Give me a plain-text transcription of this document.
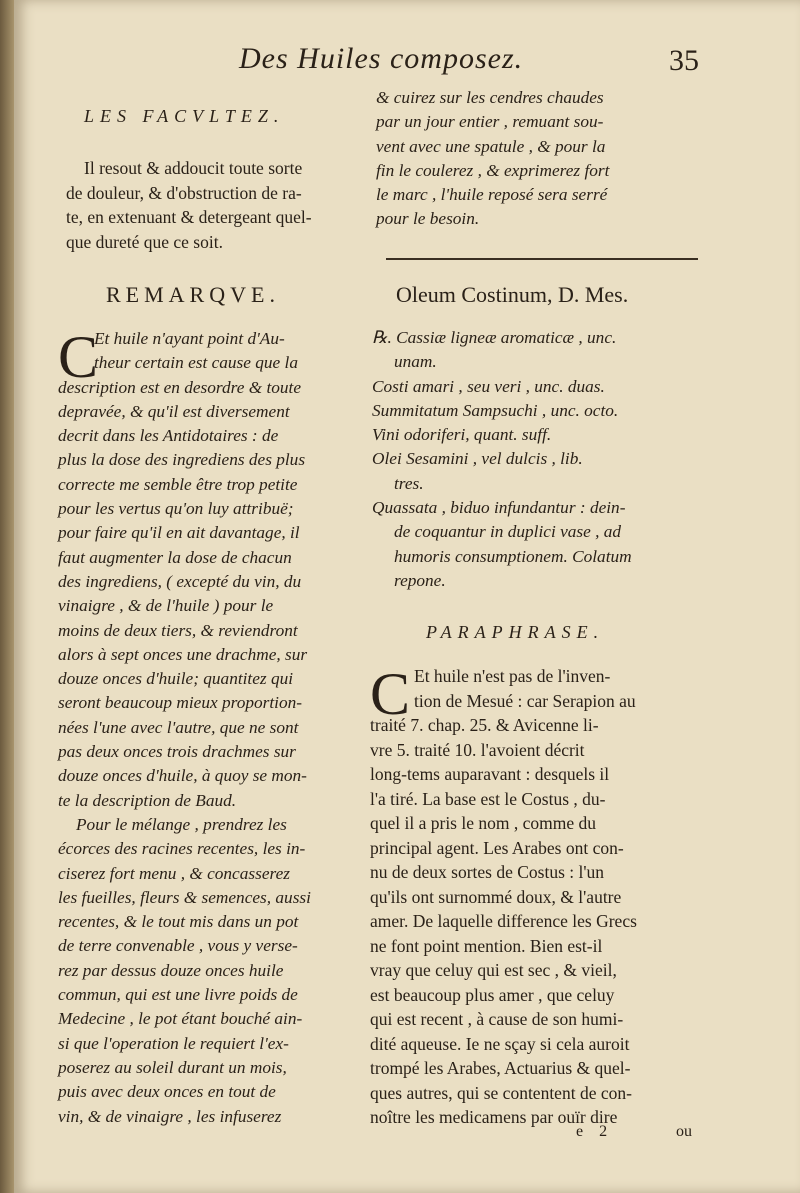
Des Huiles composez.	35
LES FACVLTEZ.
Il resout & addoucit toute sorte
de douleur, & d'obstruction de ra-
te, en extenuant & detergeant quel-
que dureté que ce soit.
REMARQVE.
C
Et huile n'ayant point d'Au-
theur certain est cause que la
description est en desordre & toute
depravée, & qu'il est diversement
decrit dans les Antidotaires : de
plus la dose des ingrediens des plus
correcte me semble être trop petite
pour les vertus qu'on luy attribuë;
pour faire qu'il en ait davantage, il
faut augmenter la dose de chacun
des ingrediens, ( excepté du vin, du
vinaigre , & de l'huile ) pour le
moins de deux tiers, & reviendront
alors à sept onces une drachme, sur
douze onces d'huile; quantitez qui
seront beaucoup mieux proportion-
nées l'une avec l'autre, que ne sont
pas deux onces trois drachmes sur
douze onces d'huile, à quoy se mon-
te la description de Baud.
Pour le mélange , prendrez les
écorces des racines recentes, les in-
ciserez fort menu , & concasserez
les fueilles, fleurs & semences, aussi
recentes, & le tout mis dans un pot
de terre convenable , vous y verse-
rez par dessus douze onces huile
commun, qui est une livre poids de
Medecine , le pot étant bouché ain-
si que l'operation le requiert l'ex-
poserez au soleil durant un mois,
puis avec deux onces en tout de
vin, & de vinaigre , les infuserez
& cuirez sur les cendres chaudes
par un jour entier , remuant sou-
vent avec une spatule , & pour la
fin le coulerez , & exprimerez fort
le marc , l'huile reposé sera serré
pour le besoin.
Oleum Costinum, D. Mes.
℞. Cassiæ ligneæ aromaticæ , unc.
unam.
Costi amari , seu veri , unc. duas.
Summitatum Sampsuchi , unc. octo.
Vini odoriferi, quant. suff.
Olei Sesamini , vel dulcis , lib.
tres.
Quassata , biduo infundantur : dein-
de coquantur in duplici vase , ad
humoris consumptionem. Colatum
repone.
PARAPHRASE.
C Et huile n'est pas de l'inven-
tion de Mesué : car Serapion au
traité 7. chap. 25. & Avicenne li-
vre 5. traité 10. l'avoient décrit
long-tems auparavant : desquels il
l'a tiré. La base est le Costus , du-
quel il a pris le nom , comme du
principal agent. Les Arabes ont con-
nu de deux sortes de Costus : l'un
qu'ils ont surnommé doux, & l'autre
amer. De laquelle difference les Grecs
ne font point mention. Bien est-il
vray que celuy qui est sec , & vieil,
est beaucoup plus amer , que celuy
qui est recent , à cause de son humi-
dité aqueuse. Ie ne sçay si cela auroit
trompé les Arabes, Actuarius & quel-
ques autres, qui se contentent de con-
noître les medicamens par ouïr dire
e 2	ou
